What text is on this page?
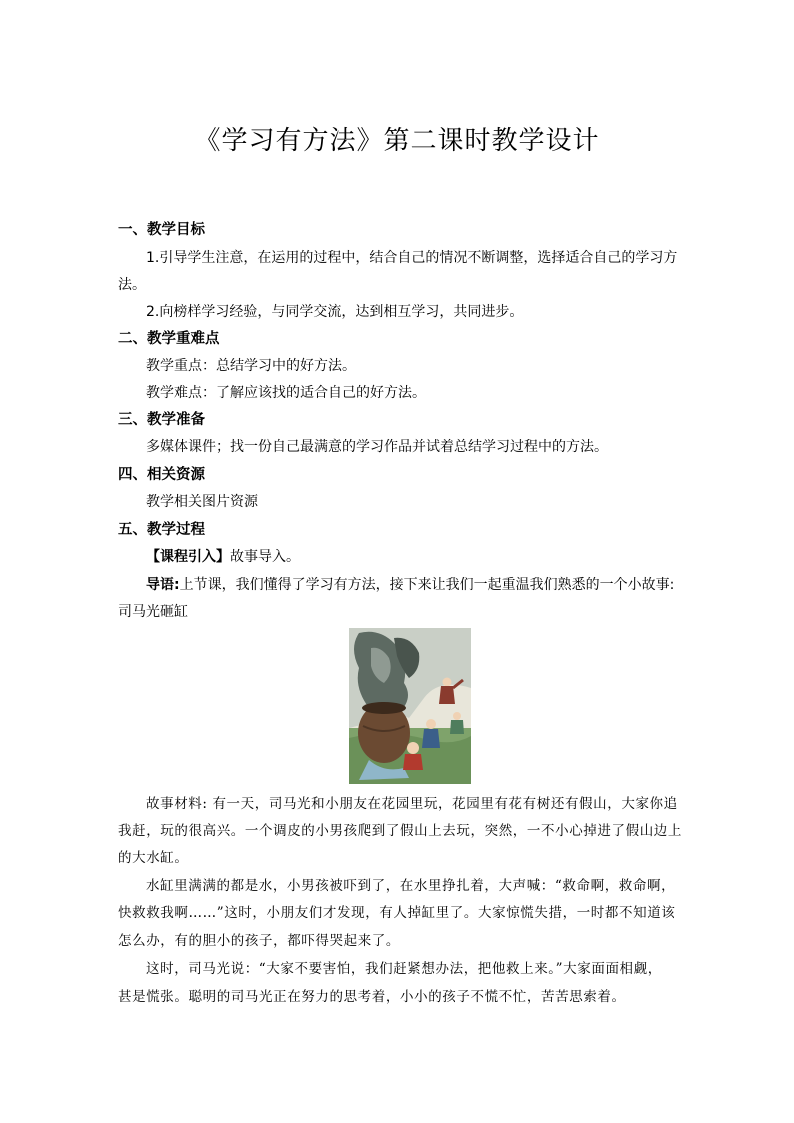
《学习有方法》第二课时教学设计
一、教学目标
1.引导学生注意，在运用的过程中，结合自己的情况不断调整，选择适合自己的学习方
法。
2.向榜样学习经验，与同学交流，达到相互学习，共同进步。
二、教学重难点
教学重点：总结学习中的好方法。
教学难点：了解应该找的适合自己的好方法。
三、教学准备
多媒体课件；找一份自己最满意的学习作品并试着总结学习过程中的方法。
四、相关资源
教学相关图片资源
五、教学过程
【课程引入】故事导入。
导语:上节课，我们懂得了学习有方法，接下来让我们一起重温我们熟悉的一个小故事:
司马光砸缸
故事材料: 有一天，司马光和小朋友在花园里玩，花园里有花有树还有假山，大家你追
我赶，玩的很高兴。一个调皮的小男孩爬到了假山上去玩，突然，一不小心掉进了假山边上
的大水缸。
水缸里满满的都是水，小男孩被吓到了，在水里挣扎着，大声喊：“救命啊，救命啊，
快救救我啊……”这时，小朋友们才发现，有人掉缸里了。大家惊慌失措，一时都不知道该
怎么办，有的胆小的孩子，都吓得哭起来了。
这时，司马光说：“大家不要害怕，我们赶紧想办法，把他救上来。”大家面面相觑，
甚是慌张。聪明的司马光正在努力的思考着，小小的孩子不慌不忙，苦苦思索着。
